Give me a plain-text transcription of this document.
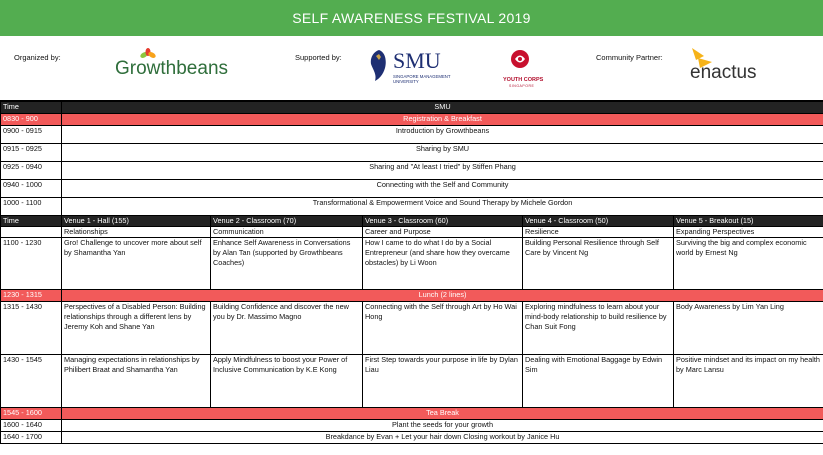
SELF AWARENESS FESTIVAL 2019
Organized by:
Growthbeans
Supported by: SMU
SINGAPORE MANAGEMENT UNIVERSITY	YOUTH CORPS
SINGAPORE
Community Partner:
enactus
Time	SMU				
0830 - 900	Registration & Breakfast				
0900 - 0915	Introduction by Growthbeans				
0915 - 0925	Sharing by SMU				
0925 - 0940	Sharing and "At least I tried" by Stiffen Phang				
0940 - 1000	Connecting with the Self and Community				
1000 - 1100	Transformational & Empowerment Voice and Sound Therapy by Michele Gordon				
Time	Venue 1 - Hall (155)	Venue 2 - Classroom (70)	Venue 3 - Classroom (60)	Venue 4 - Classroom (50)	Venue 5 - Breakout (15)
	Relationships	Communication	Career and Purpose	Resilience	Expanding Perspectives
1100 - 1230	Gro! Challenge to uncover more about self by Shamantha Yan	Enhance Self Awareness in Conversations by Alan Tan (supported by Growthbeans Coaches)	How I came to do what I do by a Social Entrepreneur (and share how they overcame obstacles) by Li Woon	Building Personal Resilience through Self Care by Vincent Ng	Surviving the big and complex economic world by Ernest Ng
1230 - 1315	Lunch (2 lines)				
1315 - 1430	Perspectives of a Disabled Person: Building relationships through a different lens by Jeremy Koh and Shane Yan	Building Confidence and discover the new you by Dr. Massimo Magno	Connecting with the Self through Art by Ho Wai Hong	Exploring mindfulness to learn about your mind-body relationship to build resilience by Chan Suit Fong	Body Awareness by Lim Yan Ling
1430 - 1545	Managing expectations in relationships by Philibert Braat and Shamantha Yan	Apply Mindfulness to boost your Power of Inclusive Communication by K.E Kong	First Step towards your purpose in life by Dylan Liau	Dealing with Emotional Baggage by Edwin Sim	Positive mindset and its impact on my health by Marc Lansu
1545 - 1600	Tea Break				
1600 - 1640	Plant the seeds for your growth				
1640 - 1700	Breakdance by Evan + Let your hair down Closing workout by Janice Hu				
